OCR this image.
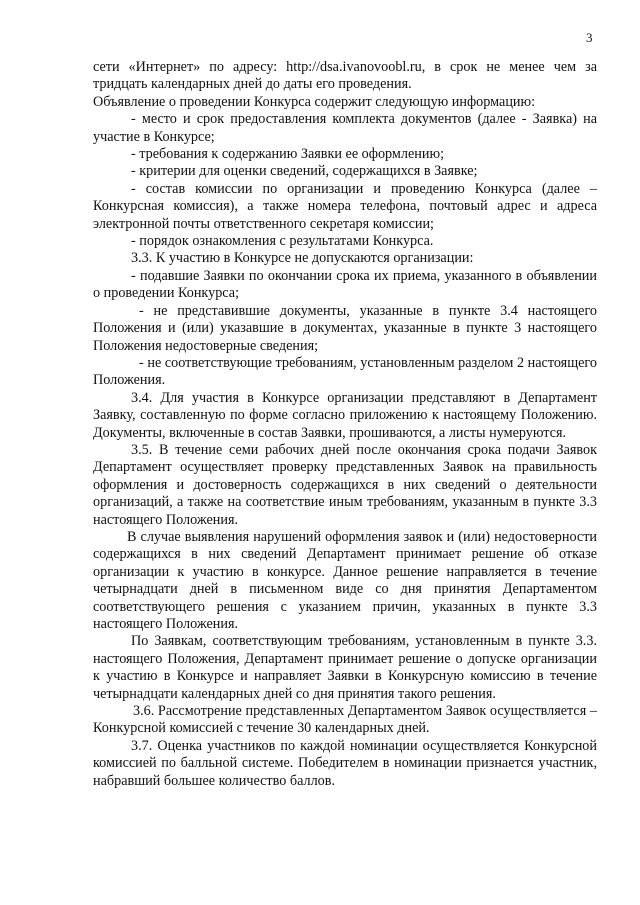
3

сети «Интернет» по адресу: http://dsa.ivanovoobl.ru, в срок не менее чем за тридцать календарных дней до даты его проведения.

Объявление о проведении Конкурса содержит следующую информацию:

- место и срок предоставления комплекта документов (далее - Заявка) на участие в Конкурсе;

- требования к содержанию Заявки ее оформлению;

- критерии для оценки сведений, содержащихся в Заявке;

- состав комиссии по организации и проведению Конкурса (далее – Конкурсная комиссия), а также номера телефона, почтовый адрес и адреса электронной почты ответственного секретаря комиссии;

- порядок ознакомления с результатами Конкурса.

3.3. К участию в Конкурсе не допускаются организации:

- подавшие Заявки по окончании срока их приема, указанного в объявлении о проведении Конкурса;

- не представившие документы, указанные в пункте 3.4 настоящего Положения и (или) указавшие в документах, указанные в пункте 3 настоящего Положения недостоверные сведения;

- не соответствующие требованиям, установленным разделом 2 настоящего Положения.

3.4. Для участия в Конкурсе организации представляют в Департамент Заявку, составленную по форме согласно приложению к настоящему Положению. Документы, включенные в состав Заявки, прошиваются, а листы нумеруются.

3.5. В течение семи рабочих дней после окончания срока подачи Заявок Департамент осуществляет проверку представленных Заявок на правильность оформления и достоверность содержащихся в них сведений о деятельности организаций, а также на соответствие иным требованиям, указанным в пункте 3.3 настоящего Положения.

В случае выявления нарушений оформления заявок и (или) недостоверности содержащихся в них сведений Департамент принимает решение об отказе организации к участию в конкурсе. Данное решение направляется в течение четырнадцати дней в письменном виде со дня принятия Департаментом соответствующего решения с указанием причин, указанных в пункте 3.3 настоящего Положения.

По Заявкам, соответствующим требованиям, установленным в пункте 3.3. настоящего Положения, Департамент принимает решение о допуске организации к участию в Конкурсе и направляет Заявки в Конкурсную комиссию в течение четырнадцати календарных дней со дня принятия такого решения.

3.6. Рассмотрение представленных Департаментом Заявок осуществляется – Конкурсной комиссией с течение 30 календарных дней.

3.7. Оценка участников по каждой номинации осуществляется Конкурсной комиссией по балльной системе. Победителем в номинации признается участник, набравший большее количество баллов.
